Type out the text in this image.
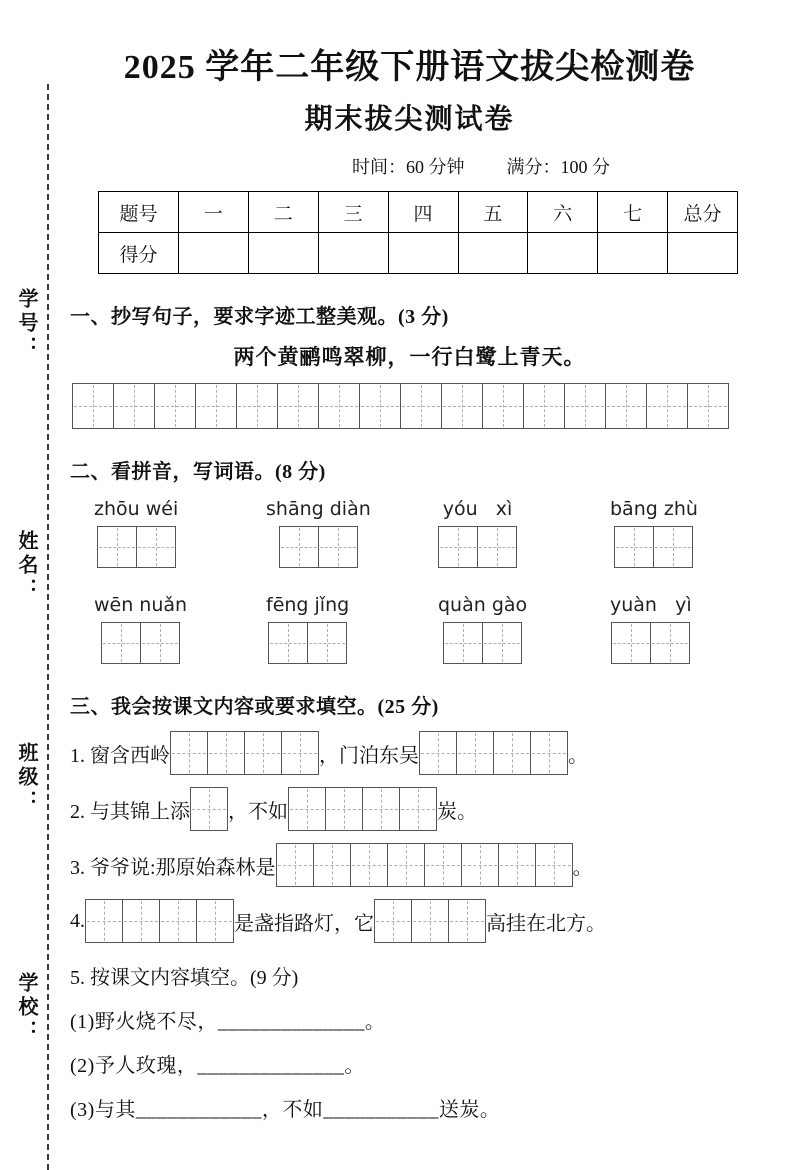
学号：
姓名：
班级：
学校：
2025 学年二年级下册语文拔尖检测卷
期末拔尖测试卷
时间：60 分钟 满分：100 分
题号	一	二	三	四	五	六	七	总分
得分								
一、抄写句子，要求字迹工整美观。(3 分)
两个黄鹂鸣翠柳，一行白鹭上青天。
二、看拼音，写词语。(8 分)
zhōu wéi	shāng diàn	yóu   xì	bāng zhù
wēn nuǎn	fēng jǐng	quàn gào	yuàn   yì
三、我会按课文内容或要求填空。(25 分)
1. 窗含西岭	，门泊东吴	。
2. 与其锦上添 ，不如	炭。
3. 爷爷说:那原始森林是	。
4.	是盏指路灯，它	高挂在北方。
5. 按课文内容填空。(9 分)
(1)野火烧不尽，______________。
(2)予人玫瑰，______________。
(3)与其____________，不如___________送炭。
